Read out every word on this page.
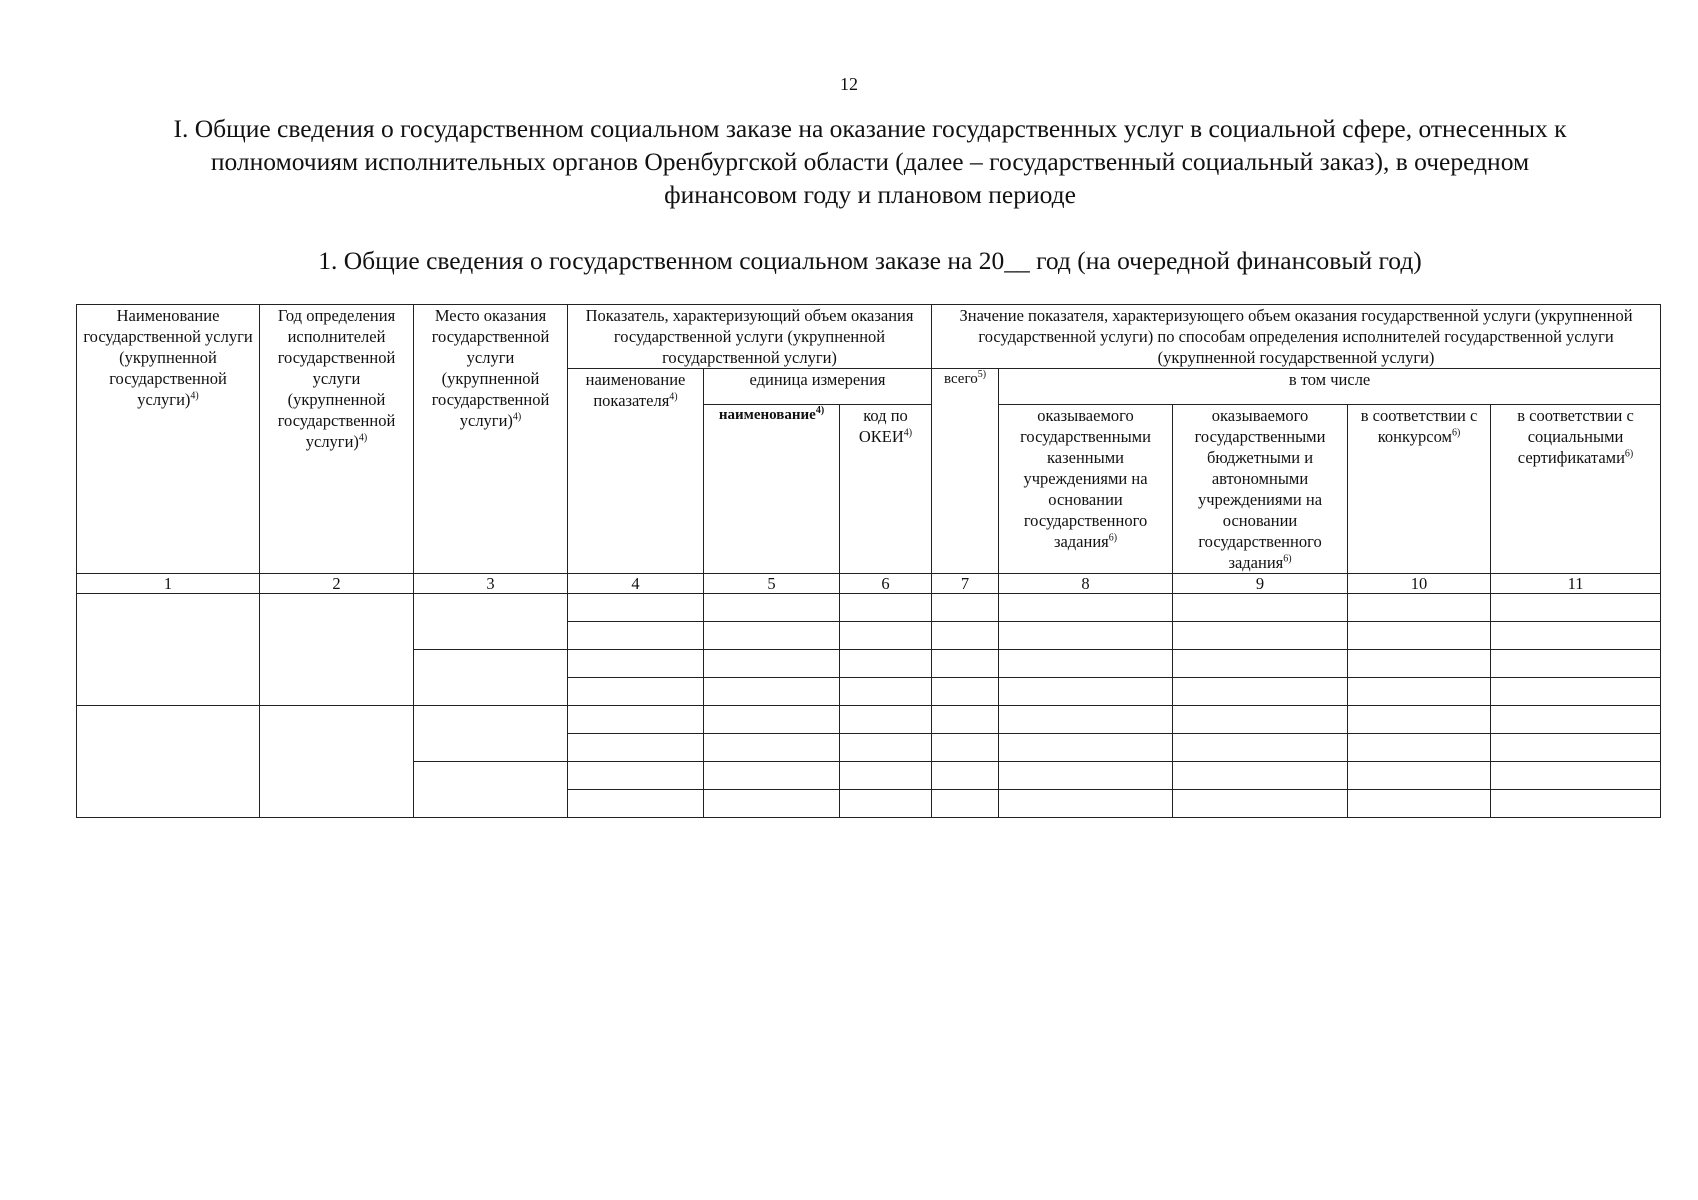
12
I. Общие сведения о государственном социальном заказе на оказание государственных услуг в социальной сфере, отнесенных к полномочиям исполнительных органов Оренбургской области (далее – государственный социальный заказ), в очередном финансовом году и плановом периоде
1. Общие сведения о государственном социальном заказе на 20__ год (на очередной финансовый год)
Наименование государственной услуги (укрупненной государственной услуги)$^{4)}$	Год определения исполнителей государственной услуги (укрупненной государственной услуги)$^{4)}$	Место оказания государственной услуги (укрупненной государственной услуги)$^{4)}$	Показатель, характеризующий объем оказания государственной услуги (укрупненной государственной услуги)			Значение показателя, характеризующего объем оказания государственной услуги (укрупненной государственной услуги) по способам определения исполнителей государственной услуги (укрупненной государственной услуги)				
			наименование показателя$^{4)}$	единица измерения		всего$^{5)}$	в том числе			
				наименование$^{4)}$	код по ОКЕИ$^{4)}$		оказываемого государственными казенными учреждениями на основании государственного задания$^{6)}$	оказываемого государственными бюджетными и автономными учреждениями на основании государственного задания$^{6)}$	в соответствии с конкурсом$^{6)}$	в соответствии с социальными сертификатами$^{6)}$
1	2	3	4	5	6	7	8	9	10	11
